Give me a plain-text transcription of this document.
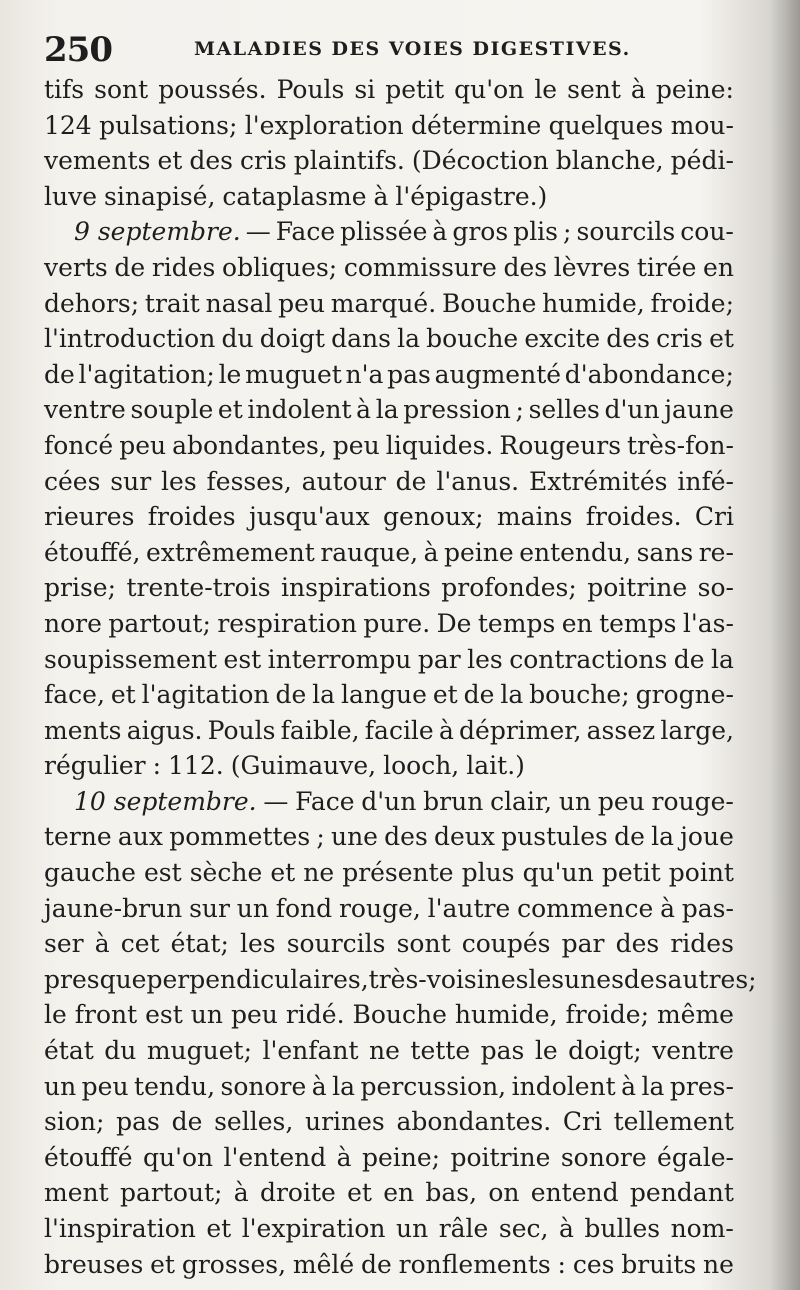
250	MALADIES DES VOIES DIGESTIVES.
tifs sont poussés. Pouls si petit qu'on le sent à peine:
124 pulsations; l'exploration détermine quelques mou-
vements et des cris plaintifs. (Décoction blanche, pédi-
luve sinapisé, cataplasme à l'épigastre.)
9 septembre. — Face plissée à gros plis ; sourcils cou-
verts de rides obliques; commissure des lèvres tirée en
dehors; trait nasal peu marqué. Bouche humide, froide;
l'introduction du doigt dans la bouche excite des cris et
de l'agitation; le muguet n'a pas augmenté d'abondance;
ventre souple et indolent à la pression ; selles d'un jaune
foncé peu abondantes, peu liquides. Rougeurs très-fon-
cées sur les fesses, autour de l'anus. Extrémités infé-
rieures froides jusqu'aux genoux; mains froides. Cri
étouffé, extrêmement rauque, à peine entendu, sans re-
prise; trente-trois inspirations profondes; poitrine so-
nore partout; respiration pure. De temps en temps l'as-
soupissement est interrompu par les contractions de la
face, et l'agitation de la langue et de la bouche; grogne-
ments aigus. Pouls faible, facile à déprimer, assez large,
régulier : 112. (Guimauve, looch, lait.)
10 septembre. — Face d'un brun clair, un peu rouge-
terne aux pommettes ; une des deux pustules de la joue
gauche est sèche et ne présente plus qu'un petit point
jaune-brun sur un fond rouge, l'autre commence à pas-
ser à cet état; les sourcils sont coupés par des rides
presque perpendiculaires, très-voisines les unes des autres;
le front est un peu ridé. Bouche humide, froide; même
état du muguet; l'enfant ne tette pas le doigt; ventre
un peu tendu, sonore à la percussion, indolent à la pres-
sion; pas de selles, urines abondantes. Cri tellement
étouffé qu'on l'entend à peine; poitrine sonore égale-
ment partout; à droite et en bas, on entend pendant
l'inspiration et l'expiration un râle sec, à bulles nom-
breuses et grosses, mêlé de ronflements : ces bruits ne
